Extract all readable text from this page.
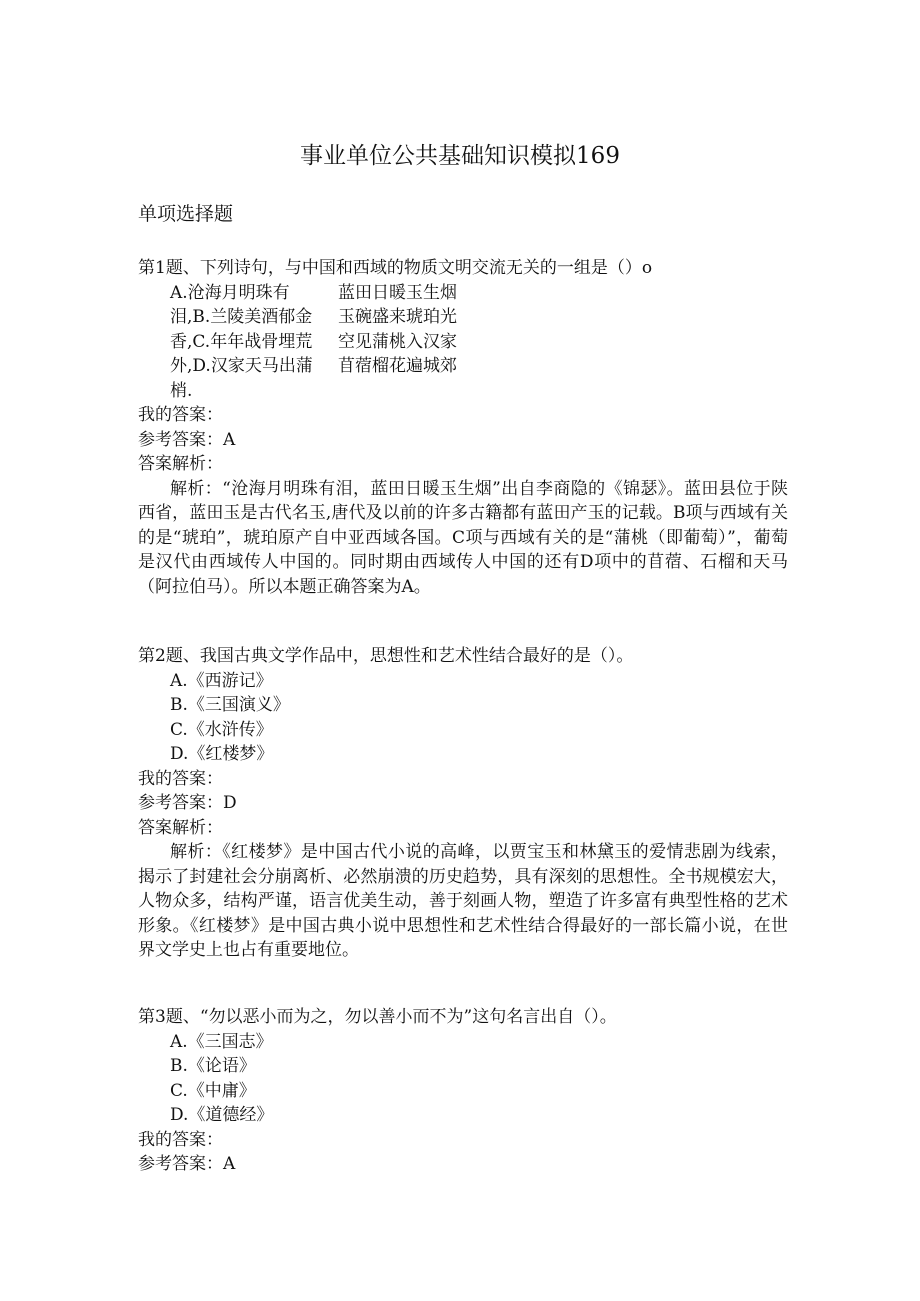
事业单位公共基础知识模拟169
单项选择题
第1题、下列诗句，与中国和西域的物质文明交流无关的一组是（）o
A.沧海月明珠有
泪,B.兰陵美酒郁金
香,C.年年战骨埋荒
外,D.汉家天马出蒲
梢.
蓝田日暖玉生烟
玉碗盛来琥珀光
空见蒲桃入汉家
苜蓿榴花遍城郊
我的答案：
参考答案：A
答案解析：
解析：“沧海月明珠有泪，蓝田日暖玉生烟”出自李商隐的《锦瑟》。蓝田县位于陕西省，蓝田玉是古代名玉,唐代及以前的许多古籍都有蓝田产玉的记载。B项与西域有关的是“琥珀”，琥珀原产自中亚西域各国。C项与西域有关的是“蒲桃（即葡萄）”，葡萄是汉代由西域传人中国的。同时期由西域传人中国的还有D项中的苜蓿、石榴和天马（阿拉伯马）。所以本题正确答案为A。
第2题、我国古典文学作品中，思想性和艺术性结合最好的是（）。
A.《西游记》
B.《三国演义》
C.《水浒传》
D.《红楼梦》
我的答案：
参考答案：D
答案解析：
解析：《红楼梦》是中国古代小说的高峰，以贾宝玉和林黛玉的爱情悲剧为线索，揭示了封建社会分崩离析、必然崩溃的历史趋势，具有深刻的思想性。全书规模宏大，人物众多，结构严谨，语言优美生动，善于刻画人物，塑造了许多富有典型性格的艺术形象。《红楼梦》是中国古典小说中思想性和艺术性结合得最好的一部长篇小说，在世界文学史上也占有重要地位。
第3题、“勿以恶小而为之，勿以善小而不为”这句名言出自（）。
A.《三国志》
B.《论语》
C.《中庸》
D.《道德经》
我的答案：
参考答案：A
